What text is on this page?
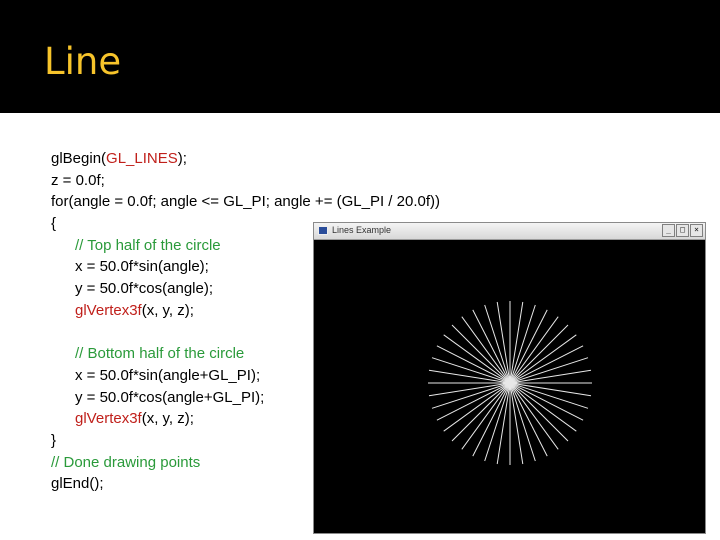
Line
glBegin(GL_LINES);
z = 0.0f;
for(angle = 0.0f; angle <= GL_PI; angle += (GL_PI / 20.0f))
{
// Top half of the circle
x = 50.0f*sin(angle);
y = 50.0f*cos(angle);
glVertex3f(x, y, z);
// Bottom half of the circle
x = 50.0f*sin(angle+GL_PI);
y = 50.0f*cos(angle+GL_PI);
glVertex3f(x, y, z);
}
// Done drawing points
glEnd();
Lines Example	_	□	×
